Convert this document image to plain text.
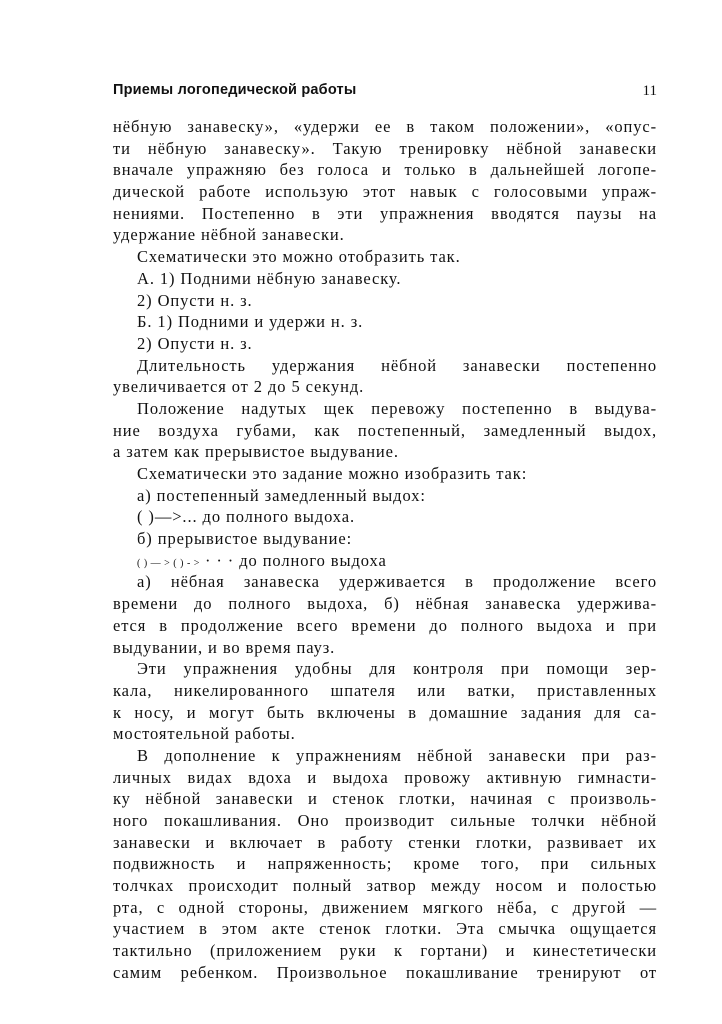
Приемы логопедической работы	11
нёбную занавеску», «удержи ее в таком положении», «опус-
ти нёбную занавеску». Такую тренировку нёбной занавески
вначале упражняю без голоса и только в дальнейшей логопе-
дической работе использую этот навык с голосовыми упраж-
нениями. Постепенно в эти упражнения вводятся паузы на
удержание нёбной занавески.
Схематически это можно отобразить так.
А. 1) Подними нёбную занавеску.
2) Опусти н. з.
Б. 1) Подними и удержи н. з.
2) Опусти н. з.
Длительность удержания нёбной занавески постепенно
увеличивается от 2 до 5 секунд.
Положение надутых щек перевожу постепенно в выдува-
ние воздуха губами, как постепенный, замедленный выдох,
а затем как прерывистое выдувание.
Схематически это задание можно изобразить так:
а) постепенный замедленный выдох:
( )—>... до полного выдоха.
б) прерывистое выдувание:
( ) — > ( ) - > · · · до полного выдоха
а) нёбная занавеска удерживается в продолжение всего
времени до полного выдоха, б) нёбная занавеска удержива-
ется в продолжение всего времени до полного выдоха и при
выдувании, и во время пауз.
Эти упражнения удобны для контроля при помощи зер-
кала, никелированного шпателя или ватки, приставленных
к носу, и могут быть включены в домашние задания для са-
мостоятельной работы.
В дополнение к упражнениям нёбной занавески при раз-
личных видах вдоха и выдоха провожу активную гимнасти-
ку нёбной занавески и стенок глотки, начиная с произволь-
ного покашливания. Оно производит сильные толчки нёбной
занавески и включает в работу стенки глотки, развивает их
подвижность и напряженность; кроме того, при сильных
толчках происходит полный затвор между носом и полостью
рта, с одной стороны, движением мягкого нёба, с другой —
участием в этом акте стенок глотки. Эта смычка ощущается
тактильно (приложением руки к гортани) и кинестетически
самим ребенком. Произвольное покашливание тренируют от
